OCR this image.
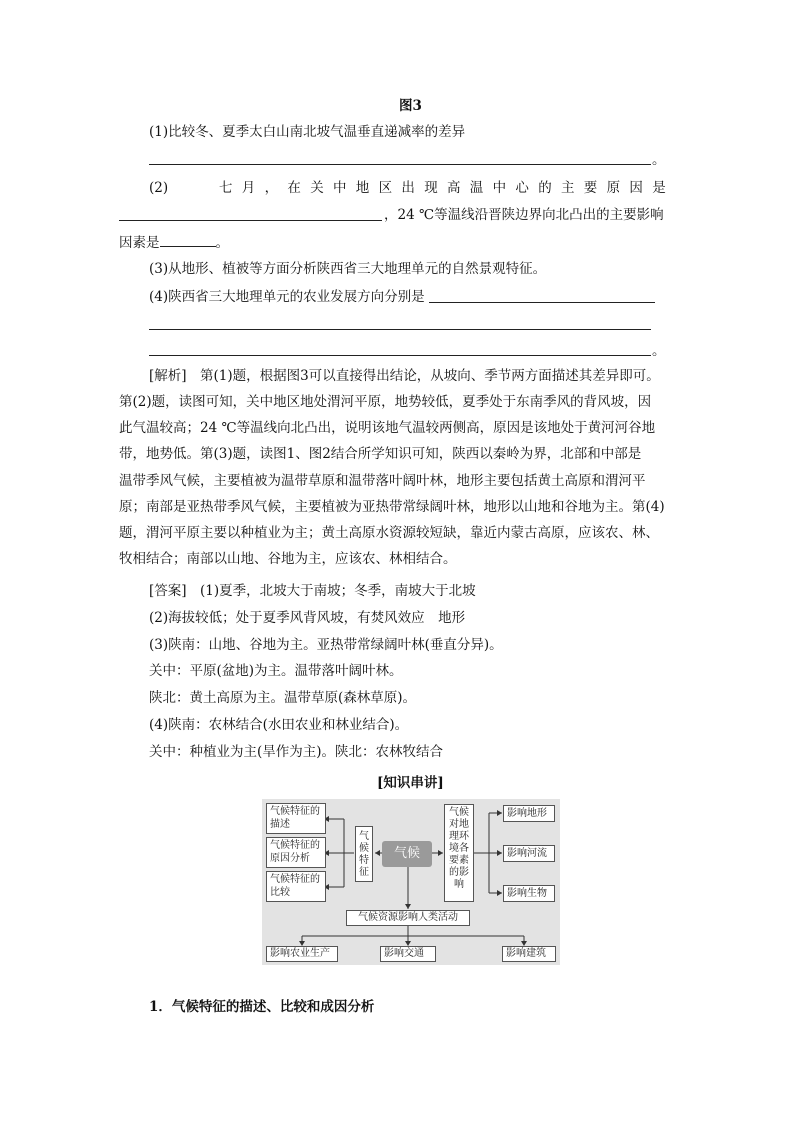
图3
(1)比较冬、夏季太白山南北坡气温垂直递减率的差异
。
(2)	七月，在关中地区出现高温中心的主要原因是
，24 ℃等温线沿晋陕边界向北凸出的主要影响
因素是	。
(3)从地形、植被等方面分析陕西省三大地理单元的自然景观特征。
(4)陕西省三大地理单元的农业发展方向分别是
。
[解析]　第(1)题，根据图3可以直接得出结论，从坡向、季节两方面描述其差异即可。
第(2)题，读图可知，关中地区地处渭河平原，地势较低，夏季处于东南季风的背风坡，因
此气温较高；24 ℃等温线向北凸出，说明该地气温较两侧高，原因是该地处于黄河河谷地
带，地势低。第(3)题，读图1、图2结合所学知识可知，陕西以秦岭为界，北部和中部是
温带季风气候，主要植被为温带草原和温带落叶阔叶林，地形主要包括黄土高原和渭河平
原；南部是亚热带季风气候，主要植被为亚热带常绿阔叶林，地形以山地和谷地为主。第(4)
题，渭河平原主要以种植业为主；黄土高原水资源较短缺，靠近内蒙古高原，应该农、林、
牧相结合；南部以山地、谷地为主，应该农、林相结合。
[答案]　(1)夏季，北坡大于南坡；冬季，南坡大于北坡
(2)海拔较低；处于夏季风背风坡，有焚风效应　地形
(3)陕南：山地、谷地为主。亚热带常绿阔叶林(垂直分异)。
关中：平原(盆地)为主。温带落叶阔叶林。
陕北：黄土高原为主。温带草原(森林草原)。
(4)陕南：农林结合(水田农业和林业结合)。
关中：种植业为主(旱作为主)。陕北：农林牧结合
[知识串讲]
气候特征的描述
气候特征的原因分析
气候特征的比较
气候特征
气候
气候对地理环境各要素的影响
影响地形
影响河流
影响生物
气候资源影响人类活动
影响农业生产	影响交通	影响建筑
1．气候特征的描述、比较和成因分析
